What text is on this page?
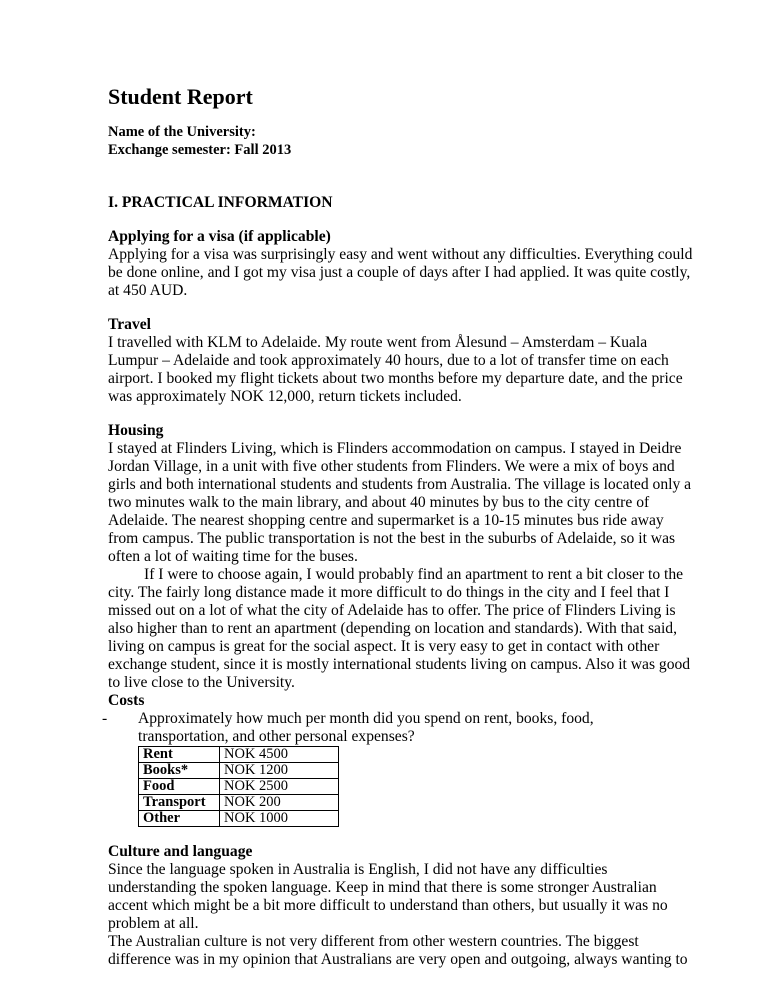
Student Report
Name of the University:
Exchange semester: Fall 2013
I. PRACTICAL INFORMATION
Applying for a visa (if applicable)
Applying for a visa was surprisingly easy and went without any difficulties. Everything could
be done online, and I got my visa just a couple of days after I had applied. It was quite costly,
at 450 AUD.
Travel
I travelled with KLM to Adelaide. My route went from Ålesund – Amsterdam – Kuala
Lumpur – Adelaide and took approximately 40 hours, due to a lot of transfer time on each
airport. I booked my flight tickets about two months before my departure date, and the price
was approximately NOK 12,000, return tickets included.
Housing
I stayed at Flinders Living, which is Flinders accommodation on campus. I stayed in Deidre
Jordan Village, in a unit with five other students from Flinders. We were a mix of boys and
girls and both international students and students from Australia. The village is located only a
two minutes walk to the main library, and about 40 minutes by bus to the city centre of
Adelaide. The nearest shopping centre and supermarket is a 10-15 minutes bus ride away
from campus. The public transportation is not the best in the suburbs of Adelaide, so it was
often a lot of waiting time for the buses.
If I were to choose again, I would probably find an apartment to rent a bit closer to the
city. The fairly long distance made it more difficult to do things in the city and I feel that I
missed out on a lot of what the city of Adelaide has to offer. The price of Flinders Living is
also higher than to rent an apartment (depending on location and standards). With that said,
living on campus is great for the social aspect. It is very easy to get in contact with other
exchange student, since it is mostly international students living on campus. Also it was good
to live close to the University.
Costs
-	Approximately how much per month did you spend on rent, books, food,
transportation, and other personal expenses?
Rent	NOK 4500
Books*	NOK 1200
Food	NOK 2500
Transport	NOK 200
Other	NOK 1000
Culture and language
Since the language spoken in Australia is English, I did not have any difficulties
understanding the spoken language. Keep in mind that there is some stronger Australian
accent which might be a bit more difficult to understand than others, but usually it was no
problem at all.
The Australian culture is not very different from other western countries. The biggest
difference was in my opinion that Australians are very open and outgoing, always wanting to
